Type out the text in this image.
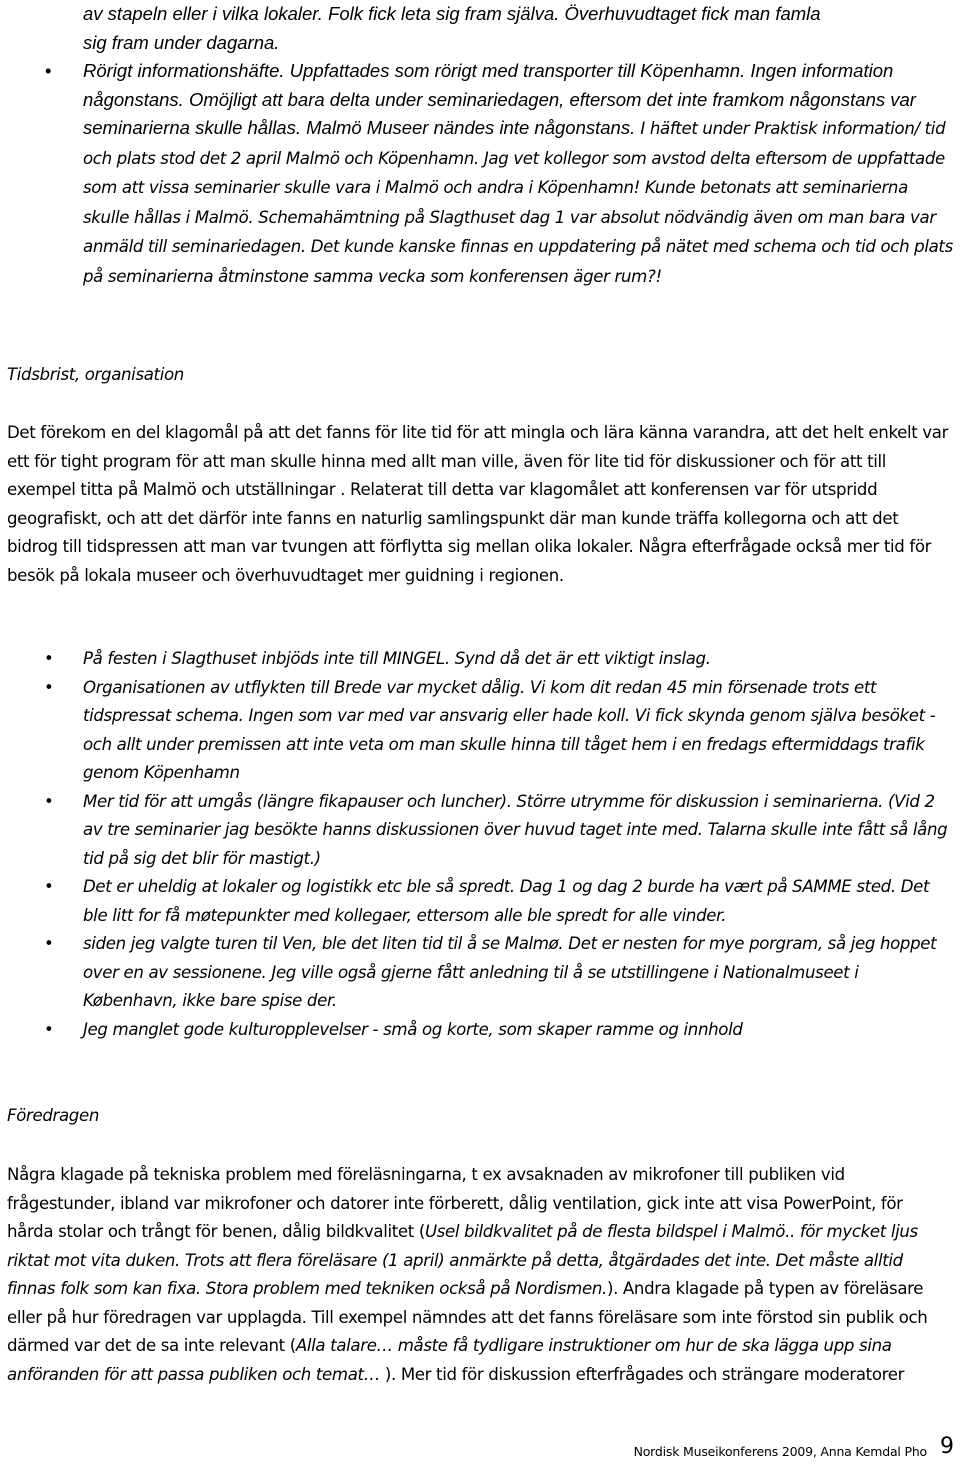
av stapeln eller i vilka lokaler. Folk fick leta sig fram själva. Överhuvudtaget fick man famla

sig fram under dagarna.

• Rörigt informationshäfte. Uppfattades som rörigt med transporter till Köpenhamn. Ingen information någonstans. Omöjligt att bara delta under seminariedagen, eftersom det inte framkom någonstans var seminarierna skulle hållas. Malmö Museer nändes inte någonstans. I häftet under Praktisk information/ tid och plats stod det 2 april Malmö och Köpenhamn. Jag vet kollegor som avstod delta eftersom de uppfattade som att vissa seminarier skulle vara i Malmö och andra i Köpenhamn! Kunde betonats att seminarierna skulle hållas i Malmö. Schemahämtning på Slagthuset dag 1 var absolut nödvändig även om man bara var anmäld till seminariedagen. Det kunde kanske finnas en uppdatering på nätet med schema och tid och plats på seminarierna åtminstone samma vecka som konferensen äger rum?!

Tidsbrist, organisation

Det förekom en del klagomål på att det fanns för lite tid för att mingla och lära känna varandra, att det helt enkelt var ett för tight program för att man skulle hinna med allt man ville, även för lite tid för diskussioner och för att till exempel titta på Malmö och utställningar . Relaterat till detta var klagomålet att konferensen var för utspridd geografiskt, och att det därför inte fanns en naturlig samlingspunkt där man kunde träffa kollegorna och att det bidrog till tidspressen att man var tvungen att förflytta sig mellan olika lokaler. Några efterfrågade också mer tid för besök på lokala museer och överhuvudtaget mer guidning i regionen.

• På festen i Slagthuset inbjöds inte till MINGEL. Synd då det är ett viktigt inslag.
• Organisationen av utflykten till Brede var mycket dålig. Vi kom dit redan 45 min försenade trots ett tidspressat schema. Ingen som var med var ansvarig eller hade koll. Vi fick skynda genom själva besöket - och allt under premissen att inte veta om man skulle hinna till tåget hem i en fredags eftermiddags trafik genom Köpenhamn
• Mer tid för att umgås (längre fikapauser och luncher). Större utrymme för diskussion i seminarierna. (Vid 2 av tre seminarier jag besökte hanns diskussionen över huvud taget inte med. Talarna skulle inte fått så lång tid på sig det blir för mastigt.)
• Det er uheldig at lokaler og logistikk etc ble så spredt. Dag 1 og dag 2 burde ha vært på SAMME sted. Det ble litt for få møtepunkter med kollegaer, ettersom alle ble spredt for alle vinder.
• siden jeg valgte turen til Ven, ble det liten tid til å se Malmø. Det er nesten for mye porgram, så jeg hoppet over en av sessionene. Jeg ville også gjerne fått anledning til å se utstillingene i Nationalmuseet i København, ikke bare spise der.
• Jeg manglet gode kulturopplevelser - små og korte, som skaper ramme og innhold

Föredragen

Några klagade på tekniska problem med föreläsningarna, t ex avsaknaden av mikrofoner till publiken vid frågestunder, ibland var mikrofoner och datorer inte förberett, dålig ventilation, gick inte att visa PowerPoint, för hårda stolar och trångt för benen, dålig bildkvalitet (Usel bildkvalitet på de flesta bildspel i Malmö.. för mycket ljus riktat mot vita duken. Trots att flera föreläsare (1 april) anmärkte på detta, åtgärdades det inte. Det måste alltid finnas folk som kan fixa. Stora problem med tekniken också på Nordismen.). Andra klagade på typen av föreläsare eller på hur föredragen var upplagda. Till exempel nämndes att det fanns föreläsare som inte förstod sin publik och därmed var det de sa inte relevant (Alla talare… måste få tydligare instruktioner om hur de ska lägga upp sina anföranden för att passa publiken och temat… ). Mer tid för diskussion efterfrågades och strängare moderatorer

Nordisk Museikonferens 2009, Anna Kemdal Pho 9
